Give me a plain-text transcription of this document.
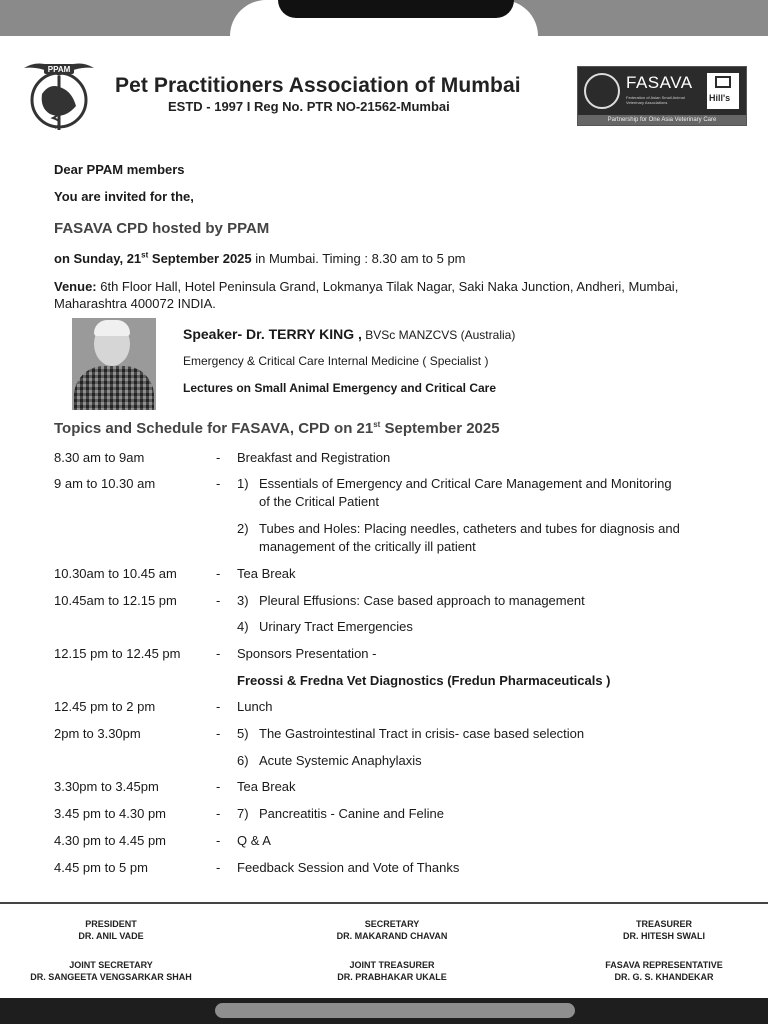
PPAM
Pet Practitioners Association of Mumbai
ESTD - 1997 I Reg No. PTR NO-21562-Mumbai
FASAVA
Federation of Asian Small Animal Veterinary Associations	Hill's
Partnership for One Asia Veterinary Care
Dear PPAM members
You are invited for the,
FASAVA CPD hosted by PPAM
on Sunday, 21st September 2025 in Mumbai. Timing : 8.30 am to 5 pm
Venue: 6th Floor Hall, Hotel Peninsula Grand, Lokmanya Tilak Nagar, Saki Naka Junction, Andheri, Mumbai,
Maharashtra 400072 INDIA.
Speaker- Dr. TERRY KING , BVSc MANZCVS (Australia)
Emergency & Critical Care Internal Medicine ( Specialist )
Lectures on Small Animal Emergency and Critical Care
Topics and Schedule for FASAVA, CPD on 21st September 2025
8.30 am to 9am	- Breakfast and Registration
9 am to 10.30 am	- 1) Essentials of Emergency and Critical Care Management and Monitoring
of the Critical Patient
2) Tubes and Holes: Placing needles, catheters and tubes for diagnosis and
management of the critically ill patient
10.30am to 10.45 am	- Tea Break
10.45am to 12.15 pm	- 3) Pleural Effusions: Case based approach to management
4) Urinary Tract Emergencies
12.15 pm to 12.45 pm	- Sponsors Presentation -
Freossi & Fredna Vet Diagnostics (Fredun Pharmaceuticals )
12.45 pm to 2 pm	- Lunch
2pm to 3.30pm	- 5) The Gastrointestinal Tract in crisis- case based selection
6) Acute Systemic Anaphylaxis
3.30pm to 3.45pm	- Tea Break
3.45 pm to 4.30 pm	- 7) Pancreatitis - Canine and Feline
4.30 pm to 4.45 pm	- Q & A
4.45 pm to 5 pm	- Feedback Session and Vote of Thanks
PRESIDENT
DR. ANIL VADE
SECRETARY
DR. MAKARAND CHAVAN
TREASURER
DR. HITESH SWALI
JOINT SECRETARY
DR. SANGEETA VENGSARKAR SHAH
JOINT TREASURER
DR. PRABHAKAR UKALE
FASAVA REPRESENTATIVE
DR. G. S. KHANDEKAR
